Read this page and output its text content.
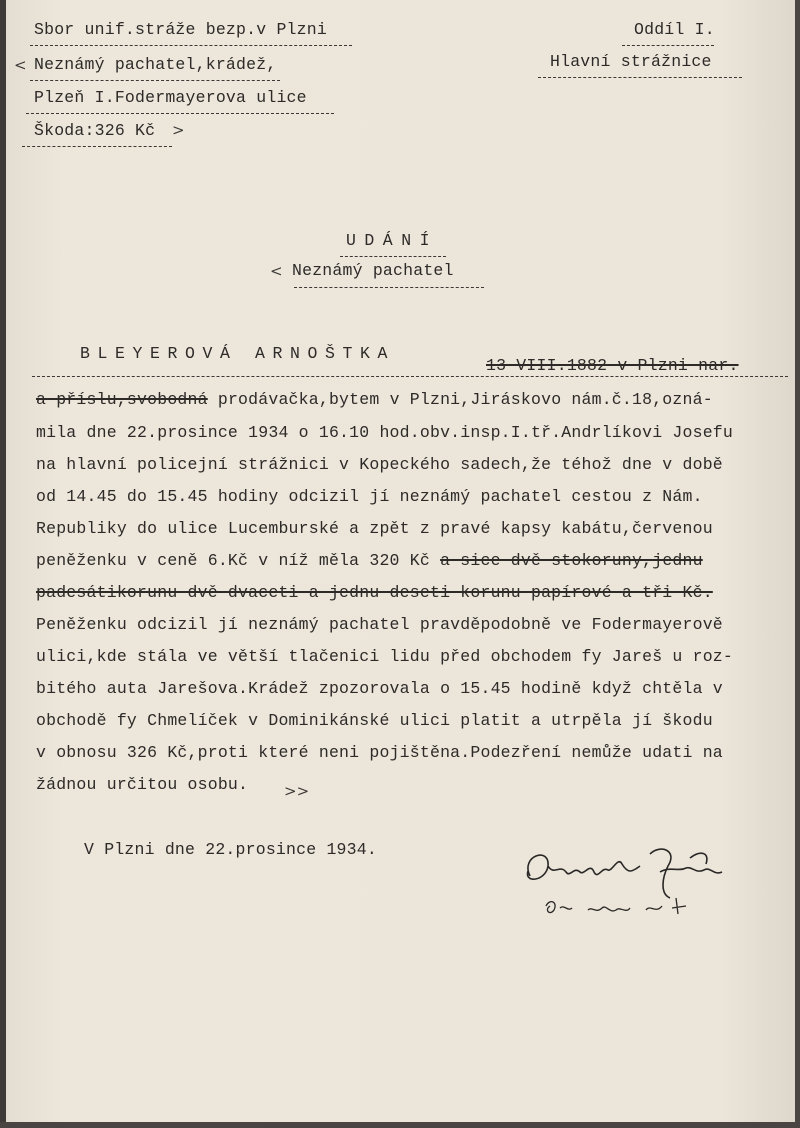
Sbor unif.stráže bezp.v Plzni
< Neznámý pachatel,krádež,
Plzeň I.Fodermayerova ulice
Škoda:326 Kč >
Oddíl I.
Hlavní strážnice
UDÁNÍ
< Neznámý pachatel
BLEYEROVÁ ARNOŠTKA
13 VIII.1882 v Plzni nar.
a příslu,svobodná prodávačka,bytem v Plzni,Jiráskovo nám.č.18,ozná-
mila dne 22.prosince 1934 o 16.10 hod.obv.insp.I.tř.Andrlíkovi Josefu
na hlavní policejní strážnici v Kopeckého sadech,že téhož dne v době
od 14.45 do 15.45 hodiny odcizil jí neznámý pachatel cestou z Nám.
Republiky do ulice Lucemburské a zpět z pravé kapsy kabátu,červenou
peněženku v ceně 6.Kč v níž měla 320 Kč a sice dvě stokoruny,jednu
padesátikorunu dvě dvaceti a jednu deseti korunu papírové a tři Kč.
Peněženku odcizil jí neznámý pachatel pravděpodobně ve Fodermayerově
ulici,kde stála ve větší tlačenici lidu před obchodem fy Jareš u roz-
bitého auta Jarešova.Krádež zpozorovala o 15.45 hodině když chtěla v
obchodě fy Chmelíček v Dominikánské ulici platit a utrpěla jí škodu
v obnosu 326 Kč,proti které neni pojištěna.Podezření nemůže udati na
žádnou určitou osobu. >>
V Plzni dne 22.prosince 1934.
